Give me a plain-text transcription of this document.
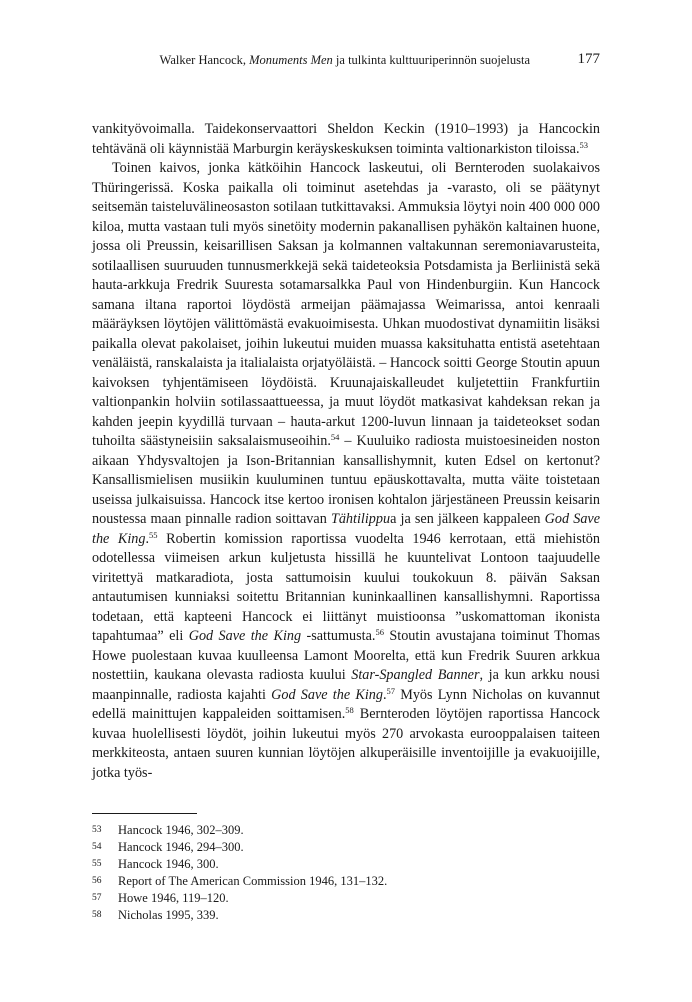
Walker Hancock, Monuments Men ja tulkinta kulttuuriperinnön suojelusta	177

vankityövoimalla. Taidekonservaattori Sheldon Keckin (1910–1993) ja Hancockin tehtävänä oli käynnistää Marburgin keräyskeskuksen toiminta valtionarkiston tiloissa.$^{53}$

Toinen kaivos, jonka kätköihin Hancock laskeutui, oli Bernteroden suolakaivos Thüringerissä. Koska paikalla oli toiminut asetehdas ja -varasto, oli se päätynyt seitsemän taisteluvälineosaston sotilaan tutkittavaksi. Ammuksia löytyi noin 400 000 000 kiloa, mutta vastaan tuli myös sinetöity modernin pakanallisen pyhäkön kaltainen huone, jossa oli Preussin, keisarillisen Saksan ja kolmannen valtakunnan seremoniavarusteita, sotilaallisen suuruuden tunnusmerkkejä sekä taideteoksia Potsdamista ja Berliinistä sekä hauta-arkkuja Fredrik Suuresta sotamarsalkka Paul von Hindenburgiin. Kun Hancock samana iltana raportoi löydöstä armeijan päämajassa Weimarissa, antoi kenraali määräyksen löytöjen välittömästä evakuoimisesta. Uhkan muodostivat dynamiitin lisäksi paikalla olevat pakolaiset, joihin lukeutui muiden muassa kaksituhatta entistä asetehtaan venäläistä, ranskalaista ja italialaista orjatyöläistä. – Hancock soitti George Stoutin apuun kaivoksen tyhjentämiseen löydöistä. Kruunajaiskalleudet kuljetettiin Frankfurtiin valtionpankin holviin sotilassaattueessa, ja muut löydöt matkasivat kahdeksan rekan ja kahden jeepin kyydillä turvaan – hauta-arkut 1200-luvun linnaan ja taideteokset sodan tuhoilta säästyneisiin saksalaismuseoihin.$^{54}$ – Kuuluiko radiosta muistoesineiden noston aikaan Yhdysvaltojen ja Ison-Britannian kansallishymnit, kuten Edsel on kertonut? Kansallismielisen musiikin kuuluminen tuntuu epäuskottavalta, mutta väite toistetaan useissa julkaisuissa. Hancock itse kertoo ironisen kohtalon järjestäneen Preussin keisarin noustessa maan pinnalle radion soittavan Tähtilippua ja sen jälkeen kappaleen God Save the King.$^{55}$ Robertin komission raportissa vuodelta 1946 kerrotaan, että miehistön odotellessa viimeisen arkun kuljetusta hissillä he kuuntelivat Lontoon taajuudelle viritettyä matkaradiota, josta sattumoisin kuului toukokuun 8. päivän Saksan antautumisen kunniaksi soitettu Britannian kuninkaallinen kansallishymni. Raportissa todetaan, että kapteeni Hancock ei liittänyt muistioonsa ”uskomattoman ikonista tapahtumaa” eli God Save the King -sattumusta.$^{56}$ Stoutin avustajana toiminut Thomas Howe puolestaan kuvaa kuulleensa Lamont Moorelta, että kun Fredrik Suuren arkkua nostettiin, kaukana olevasta radiosta kuului Star-Spangled Banner, ja kun arkku nousi maanpinnalle, radiosta kajahti God Save the King.$^{57}$ Myös Lynn Nicholas on kuvannut edellä mainittujen kappaleiden soittamisen.$^{58}$ Bernteroden löytöjen raportissa Hancock kuvaa huolellisesti löydöt, joihin lukeutui myös 270 arvokasta eurooppalaisen taiteen merkkiteosta, antaen suuren kunnian löytöjen alkuperäisille inventoijille ja evakuoijille, jotka työs-

53	Hancock 1946, 302–309.
54	Hancock 1946, 294–300.
55	Hancock 1946, 300.
56	Report of The American Commission 1946, 131–132.
57	Howe 1946, 119–120.
58	Nicholas 1995, 339.
